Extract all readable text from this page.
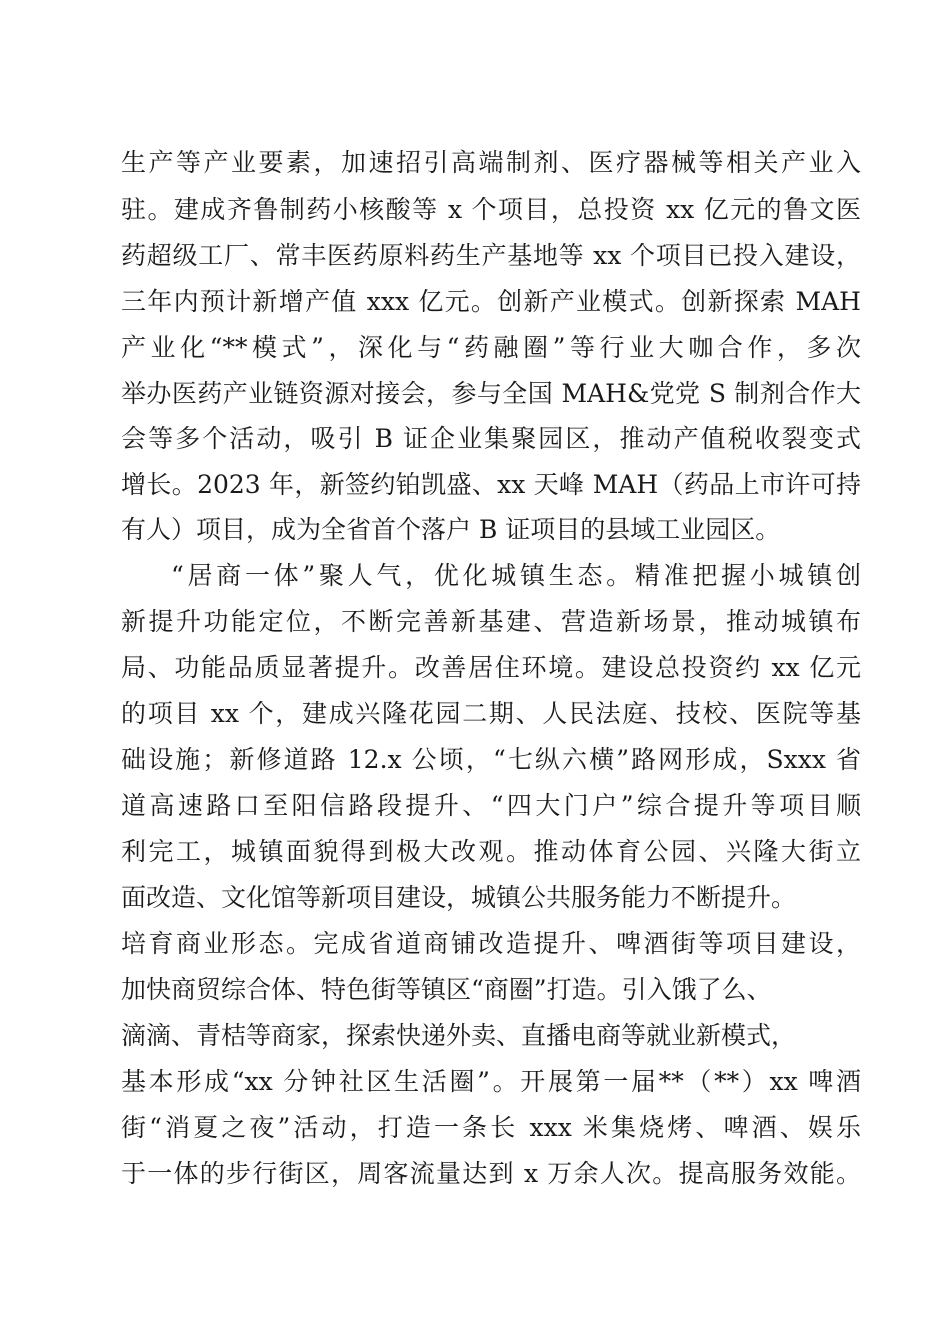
生产等产业要素，加速招引高端制剂、医疗器械等相关产业入
驻。建成齐鲁制药小核酸等 x 个项目，总投资 xx 亿元的鲁文医
药超级工厂、常丰医药原料药生产基地等 xx 个项目已投入建设，
三年内预计新增产值 xxx 亿元。创新产业模式。创新探索 MAH
产业化“**模式”，深化与“药融圈”等行业大咖合作，多次
举办医药产业链资源对接会，参与全国 MAH&党党 S 制剂合作大
会等多个活动，吸引 B 证企业集聚园区，推动产值税收裂变式
增长。2023 年，新签约铂凯盛、xx 天峰 MAH（药品上市许可持
有人）项目，成为全省首个落户 B 证项目的县域工业园区。
“居商一体”聚人气，优化城镇生态。精准把握小城镇创
新提升功能定位，不断完善新基建、营造新场景，推动城镇布
局、功能品质显著提升。改善居住环境。建设总投资约 xx 亿元
的项目 xx 个，建成兴隆花园二期、人民法庭、技校、医院等基
础设施；新修道路 12.x 公顷，“七纵六横”路网形成，Sxxx 省
道高速路口至阳信路段提升、“四大门户”综合提升等项目顺
利完工，城镇面貌得到极大改观。推动体育公园、兴隆大街立
面改造、文化馆等新项目建设，城镇公共服务能力不断提升。
培育商业形态。完成省道商铺改造提升、啤酒街等项目建设，
加快商贸综合体、特色街等镇区“商圈”打造。引入饿了么、
滴滴、青桔等商家，探索快递外卖、直播电商等就业新模式，
基本形成“xx 分钟社区生活圈”。开展第一届**（**）xx 啤酒
街“消夏之夜”活动，打造一条长 xxx 米集烧烤、啤酒、娱乐
于一体的步行街区，周客流量达到 x 万余人次。提高服务效能。
